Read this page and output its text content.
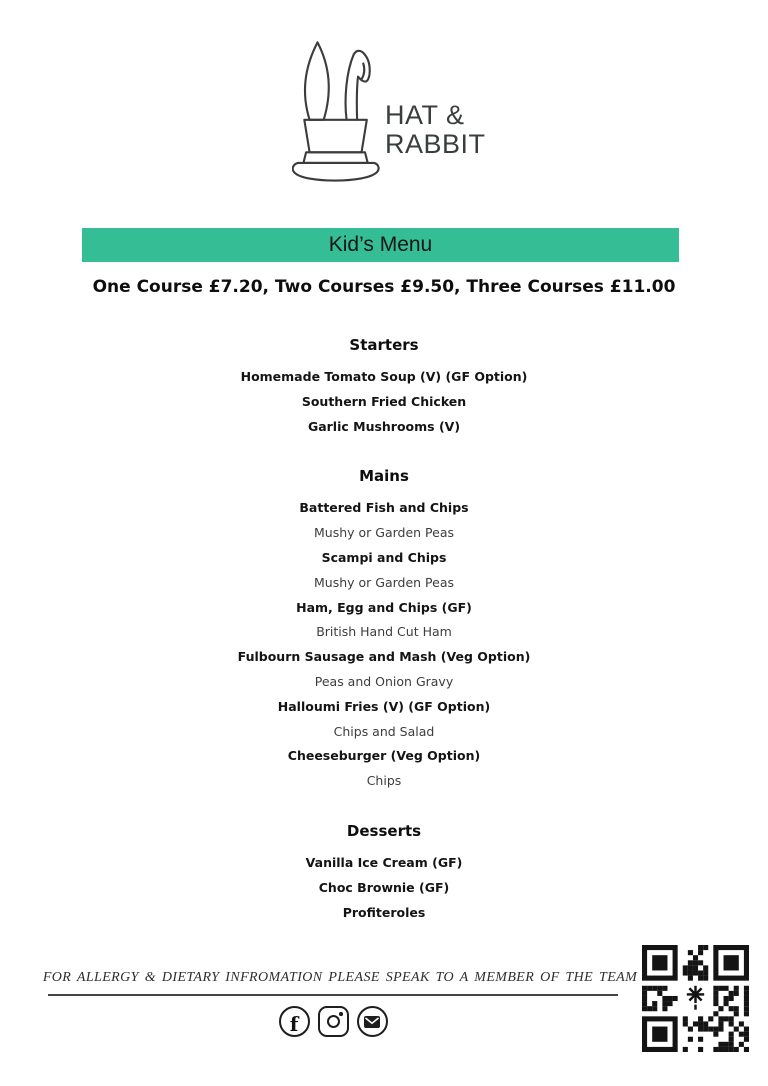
HAT &
RABBIT
Kid’s Menu
One Course £7.20, Two Courses £9.50, Three Courses £11.00
Starters
Homemade Tomato Soup (V) (GF Option)
Southern Fried Chicken
Garlic Mushrooms (V)
Mains
Battered Fish and Chips
Mushy or Garden Peas
Scampi and Chips
Mushy or Garden Peas
Ham, Egg and Chips (GF)
British Hand Cut Ham
Fulbourn Sausage and Mash (Veg Option)
Peas and Onion Gravy
Halloumi Fries (V) (GF Option)
Chips and Salad
Cheeseburger (Veg Option)
Chips
Desserts
Vanilla Ice Cream (GF)
Choc Brownie (GF)
Profiteroles
FOR ALLERGY & DIETARY INFROMATION PLEASE SPEAK TO A MEMBER OF THE TEAM
f
